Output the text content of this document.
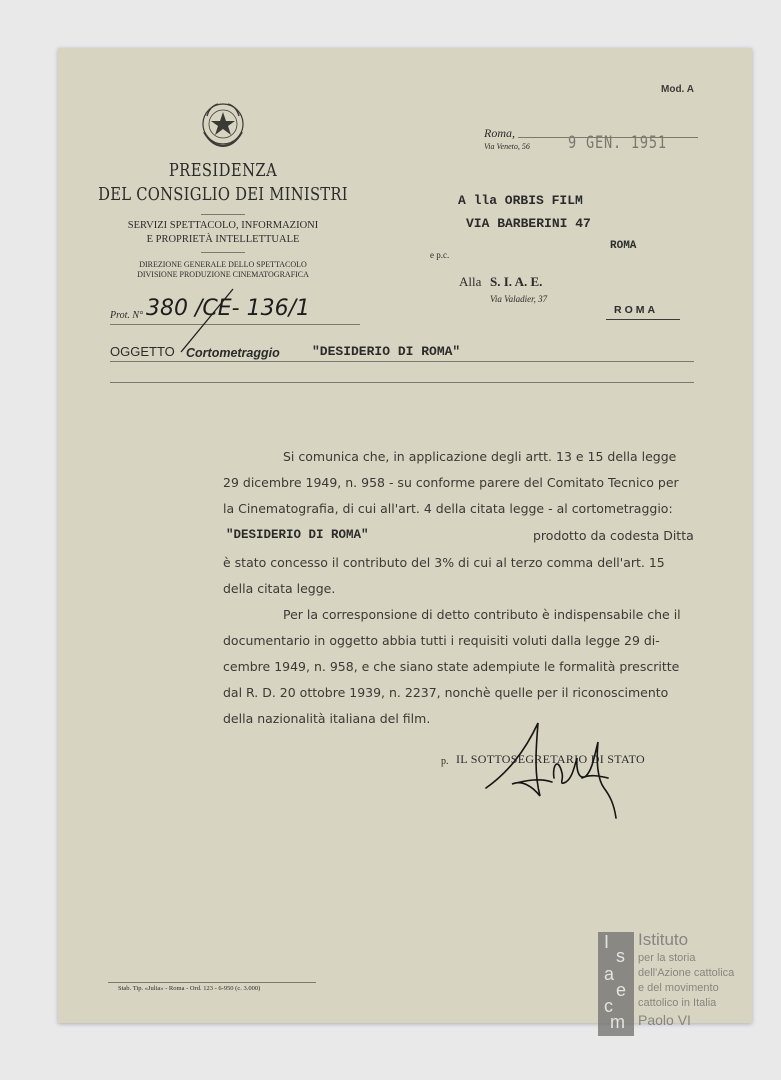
Mod. A
PRESIDENZA
DEL CONSIGLIO DEI MINISTRI
SERVIZI SPETTACOLO, INFORMAZIONI
E PROPRIETÀ INTELLETTUALE
DIREZIONE GENERALE DELLO SPETTACOLO
DIVISIONE PRODUZIONE CINEMATOGRAFICA
Roma,
Via Veneto, 56 9 GEN. 1951
A lla ORBIS FILM
VIA BARBERINI 47
ROMA
e p.c.
Alla S. I. A. E.
Via Valadier, 37
ROMA
Prot. N° 380 /CE- 136/1
OGGETTO Cortometraggio "DESIDERIO DI ROMA"
Si comunica che, in applicazione degli artt. 13 e 15 della legge
29 dicembre 1949, n. 958 - su conforme parere del Comitato Tecnico per
la Cinematografia, di cui all'art. 4 della citata legge - al cortometraggio:
"DESIDERIO DI ROMA"	prodotto da codesta Ditta
è stato concesso il contributo del 3% di cui al terzo comma dell'art. 15
della citata legge.
Per la corresponsione di detto contributo è indispensabile che il
documentario in oggetto abbia tutti i requisiti voluti dalla legge 29 di-
cembre 1949, n. 958, e che siano state adempiute le formalità prescritte
dal R. D. 20 ottobre 1939, n. 2237, nonchè quelle per il riconoscimento
della nazionalità italiana del film.
p. IL SOTTOSEGRETARIO DI STATO
Stab. Tip. «Julia» - Roma - Ord. 123 - 6-950 (c. 3.000)
I
s
a
e
c
m
Istituto
per la storia
dell'Azione cattolica
e del movimento
cattolico in Italia
Paolo VI
